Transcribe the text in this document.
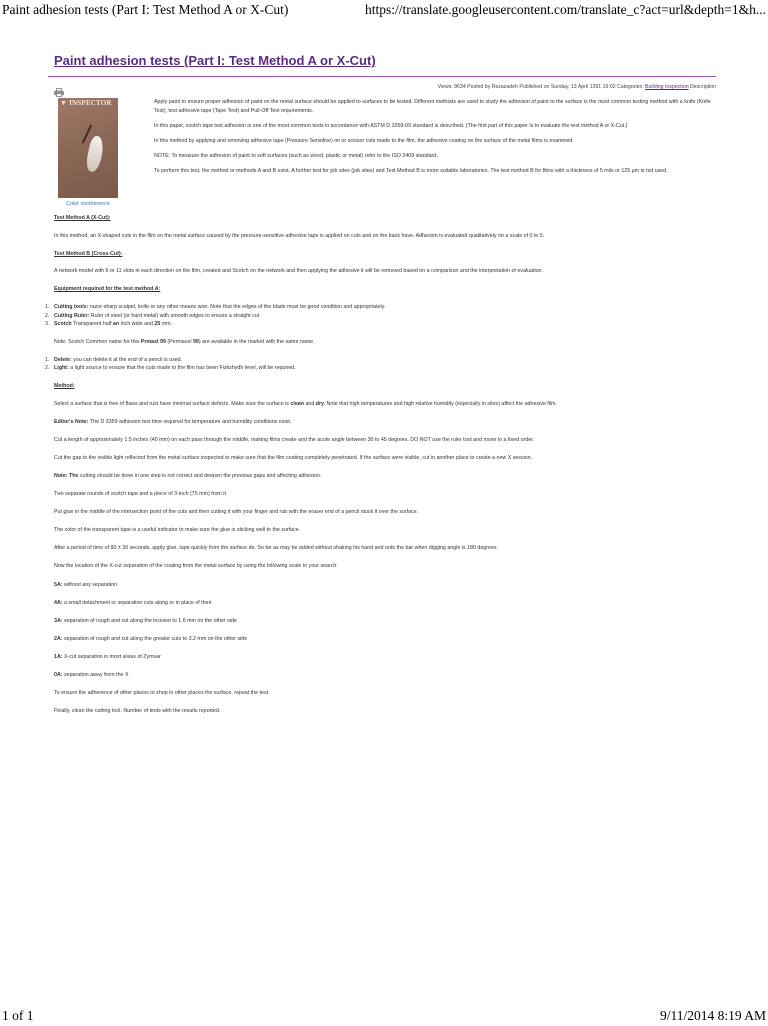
Paint adhesion tests (Part I: Test Method A or X-Cut)	https://translate.googleusercontent.com/translate_c?act=url&depth=1&h...
Paint adhesion tests (Part I: Test Method A or X-Cut)
Views: 8634 Posted by Rezazadeh Published on Sunday, 13 April 1391 19:02 Categories: Building Inspection Description
▼ INSPECTOR
Color incoherence

Apply paint to ensure proper adhesion of paint on the metal surface should be applied to surfaces to be tested. Different methods are used to study the adhesion of paint to the surface is the most common testing method with a knife (Knife Test), test adhesive tape (Tape Test) and Pull-Off Test requirements.

In this paper, scotch tape test adhesion is one of the most common tests in accordance with ASTM D 3359-09 standard is described. (The first part of this paper is to evaluate the test method A or X-Cut.)

In this method by applying and removing adhesive tape (Pressure Sensitive) on or scissor cuts made to the film, the adhesive coating on the surface of the metal films is examined.

NOTE: To measure the adhesion of paint to soft surfaces (such as wood, plastic or metal) refer to the ISO 2409 standard.

To perform this test, the method or methods A and B exist. A further test for job sites (job sites) and Test Method B is more suitable laboratories. The test method B for films with a thickness of 5 mils or 125 μm is not used.

Test Method A (X-Cut):

In this method, an X-shaped cuts in the film on the metal surface caused by the pressure-sensitive adhesive tape is applied on cuts and on the back have. Adhesion is evaluated qualitatively on a scale of 0 to 5.

Test Method B (Cross-Cut):

A network model with 6 or 11 slots in each direction on the film, created and Scotch on the network and then applying the adhesive it will be removed based on a comparison and the interpretation of evaluation.

Equipment required for the test method A:
1. Cutting tools: razor-sharp scalpel, knife or any other means won. Note that the edges of the blade must be good condition and appropriately.
2. Cutting Ruler: Ruler of steel (or hard metal) with smooth edges to ensure a straight cut
3. Scotch Transparent half an inch wide and 25 mm.

Note: Scotch Common name for this Prmasl 99 (Permacel 99) are available in the market with the same name.

1. Delete: you can delete it at the end of a pencil is used.
2. Light: a light source to ensure that the cuts made to the film has been Fizkshydh level, will be required.
Method:

Select a surface that is free of flaws and rust have minimal surface defects. Make sure the surface is clean and dry. Note that high temperatures and high relative humidity (especially in sites) affect the adhesive film.

Editor's Note: The D 3359 adhesion test time required for temperature and humidity conditions exist.

Cut a length of approximately 1.5 inches (40 mm) on each pass through the middle, making films create and the acute angle between 30 to 45 degrees. DO NOT use the ruler tool and move in a fixed order.

Cut the gap to the visible light reflected from the metal surface inspected to make sure that the film coating completely penetrated. If the surface were visible, cut in another place to create a new X session.

Note: The cutting should be done in one step is not correct and deepen the previous gaps and affecting adhesion.

Two separate rounds of scotch tape and a piece of 3-inch (75 mm) from it.

Put glue in the middle of the intersection point of the cuts and then cutting it with your finger and rub with the eraser end of a pencil stuck it over the surface.

The color of the transparent tape is a useful indicator to make sure the glue is sticking well to the surface.

After a period of time of 90 ± 30 seconds, apply glue, tape quickly from the surface do. So far as may be added without shaking his hand and onto the bar when digging angle is 180 degrees.

Now the location of the X-cut separation of the coating from the metal surface by using the following scale to your search:

5A: without any separation

4A: a small detachment or separation cuts along or in place of their

3A: separation of rough and cut along the incision to 1.6 mm on the other side

2A: separation of rough and cut along the greater cuts to 3.2 mm on the other side

1A: X-cut separation in most areas of Zymvar

0A: separation away from the X

To ensure the adherence of other places to shop in other places the surface, repeat the test.

Finally, clean the cutting tool. Number of tests with the results reported.

1 of 1	9/11/2014 8:19 AM
